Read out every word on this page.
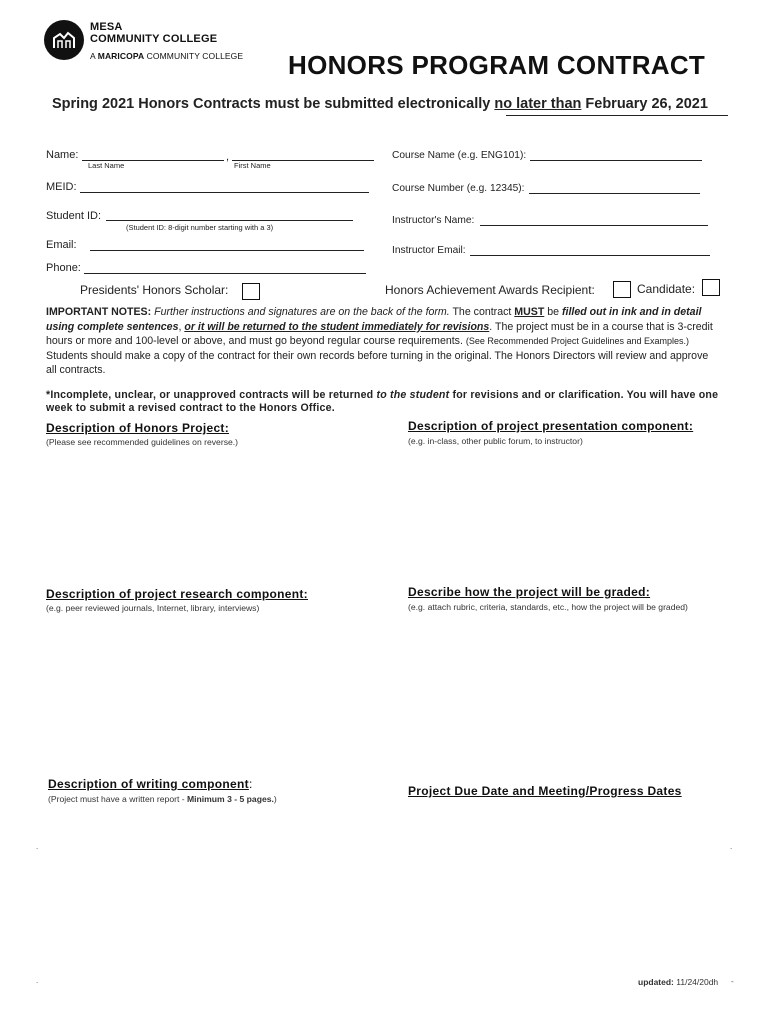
MESA
COMMUNITY COLLEGE
A MARICOPA COMMUNITY COLLEGE HONORS PROGRAM CONTRACT
Spring 2021 Honors Contracts must be submitted electronically no later than February 26, 2021
Name:	,
Last Name	First Name
MEID:
Student ID:
(Student ID: 8-digit number starting with a 3)
Email:
Phone:
Course Name (e.g. ENG101):
Course Number (e.g. 12345):
Instructor's Name:
Instructor Email:
Presidents' Honors Scholar:	Honors Achievement Awards Recipient:	Candidate:
IMPORTANT NOTES: Further instructions and signatures are on the back of the form. The contract MUST be filled out in ink and in detail using complete sentences, or it will be returned to the student immediately for revisions. The project must be in a course that is 3-credit hours or more and 100-level or above, and must go beyond regular course requirements. (See Recommended Project Guidelines and Examples.) Students should make a copy of the contract for their own records before turning in the original. The Honors Directors will review and approve all contracts.
*Incomplete, unclear, or unapproved contracts will be returned to the student for revisions and or clarification. You will have one week to submit a revised contract to the Honors Office.
Description of Honors Project:
(Please see recommended guidelines on reverse.)
Description of project presentation component:
(e.g. in-class, other public forum, to instructor)
Description of project research component:
(e.g. peer reviewed journals, Internet, library, interviews)
Describe how the project will be graded:
(e.g. attach rubric, criteria, standards, etc., how the project will be graded)
Description of writing component:
(Project must have a written report - Minimum 3 - 5 pages.)
Project Due Date and Meeting/Progress Dates
.	.
.	updated: 11/24/20dh -
